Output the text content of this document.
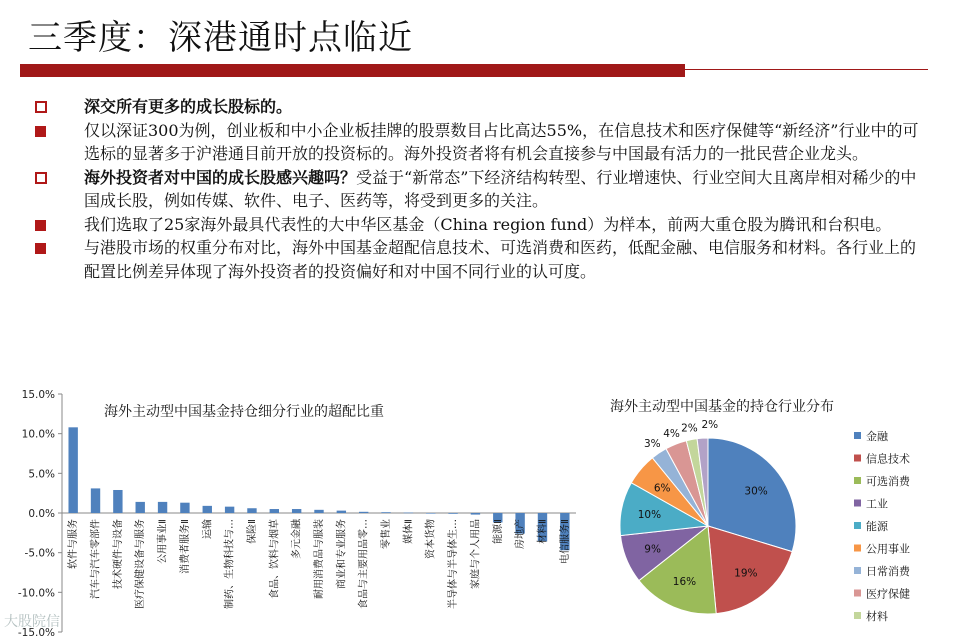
三季度：深港通时点临近
深交所有更多的成长股标的。
仅以深证300为例，创业板和中小企业板挂牌的股票数目占比高达55%，在信息技术和医疗保健等“新经济”行业中的可选标的显著多于沪港通目前开放的投资标的。海外投资者将有机会直接参与中国最有活力的一批民营企业龙头。
海外投资者对中国的成长股感兴趣吗？受益于“新常态”下经济结构转型、行业增速快、行业空间大且离岸相对稀少的中国成长股，例如传媒、软件、电子、医药等，将受到更多的关注。
我们选取了25家海外最具代表性的大中华区基金（China region fund）为样本，前两大重仓股为腾讯和台积电。
与港股市场的权重分布对比，海外中国基金超配信息技术、可选消费和医药，低配金融、电信服务和材料。各行业上的配置比例差异体现了海外投资者的投资偏好和对中国不同行业的认可度。
15.0%
10.0%
5.0%
0.0%
-5.0%
-10.0%
-15.0%
海外主动型中国基金持仓细分行业的超配比重
软件与服务 汽车与汽车零部件 技术硬件与设备 医疗保健设备与服务 公用事业Ⅱ 消费者服务Ⅱ 运输 制药、生物科技与… 保险Ⅱ 食品、饮料与烟草 多元金融 耐用消费品与服装 商业和专业服务 食品与主要用品零… 零售业 媒体Ⅱ 资本货物 半导体与半导体生… 家庭与个人用品 能源Ⅱ 房地产 材料Ⅱ 电信服务Ⅱ
海外主动型中国基金的持仓行业分布
30%
19%
16%
9%
10%
6%
3%
4% 2% 2%
金融
信息技术
可选消费
工业
能源
公用事业
日常消费
医疗保健
材料
大股院信
